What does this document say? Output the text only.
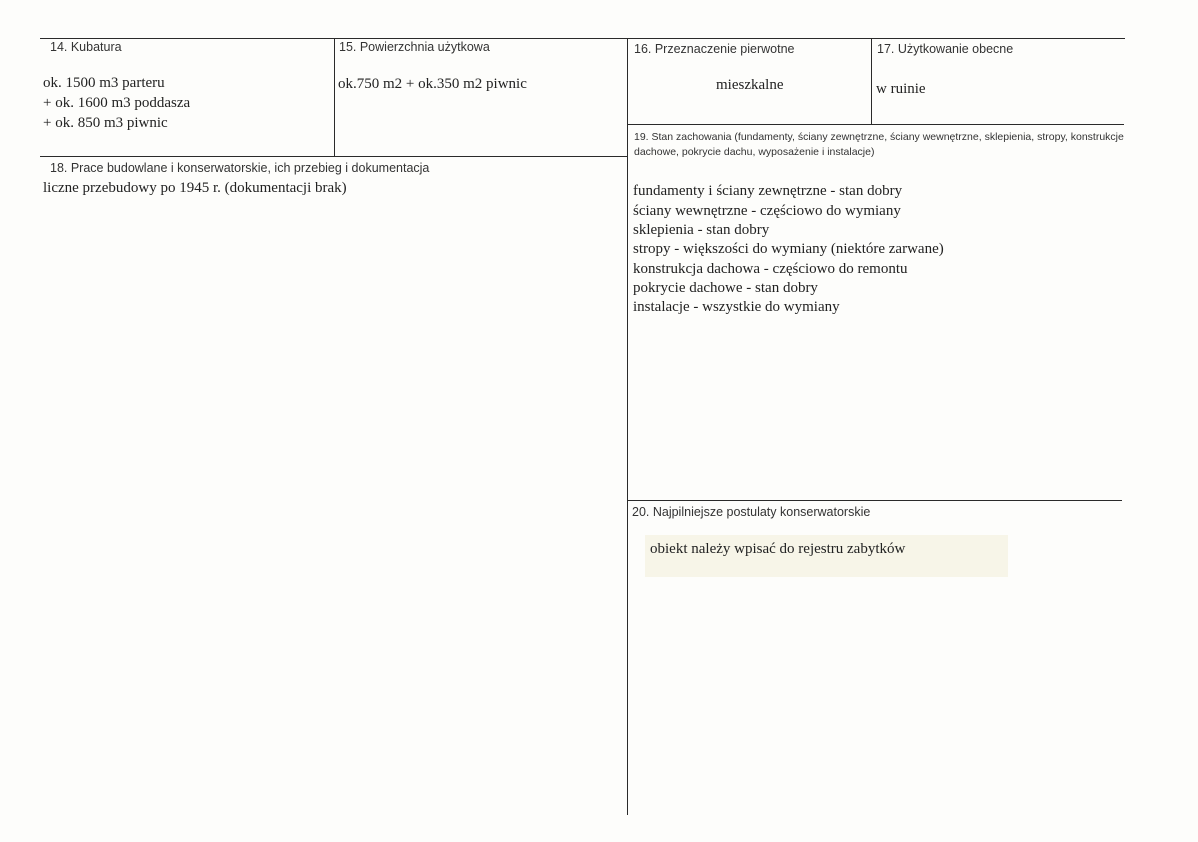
14. Kubatura
ok. 1500 m3 parteru
+ ok. 1600 m3 poddasza
+ ok. 850 m3 piwnic
15. Powierzchnia użytkowa
ok.750 m2 + ok.350 m2 piwnic
16. Przeznaczenie pierwotne
mieszkalne
17. Użytkowanie obecne
w ruinie
18. Prace budowlane i konserwatorskie, ich przebieg i dokumentacja
liczne przebudowy po 1945 r. (dokumentacji brak)
19. Stan zachowania (fundamenty, ściany zewnętrzne, ściany wewnętrzne, sklepienia, stropy, konstrukcje dachowe, pokrycie dachu, wyposażenie i instalacje)
fundamenty i ściany zewnętrzne - stan dobry
ściany wewnętrzne - częściowo do wymiany
sklepienia - stan dobry
stropy - większości do wymiany (niektóre zarwane)
konstrukcja dachowa - częściowo do remontu
pokrycie dachowe - stan dobry
instalacje - wszystkie do wymiany
20. Najpilniejsze postulaty konserwatorskie
obiekt należy wpisać do rejestru zabytków
